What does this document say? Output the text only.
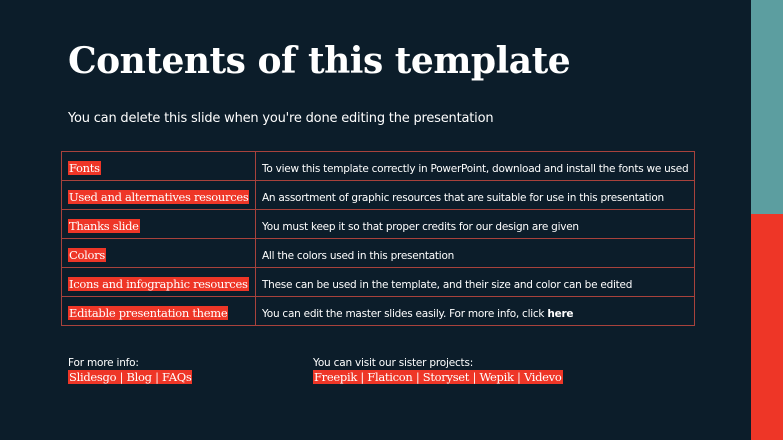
Contents of this template

You can delete this slide when you're done editing the presentation

Fonts	To view this template correctly in PowerPoint, download and install the fonts we used
Used and alternatives resources	An assortment of graphic resources that are suitable for use in this presentation
Thanks slide	You must keep it so that proper credits for our design are given
Colors	All the colors used in this presentation
Icons and infographic resources	These can be used in the template, and their size and color can be edited
Editable presentation theme	You can edit the master slides easily. For more info, click here
For more info:
Slidesgo | Blog | FAQs
You can visit our sister projects:
Freepik | Flaticon | Storyset | Wepik | Videvo
